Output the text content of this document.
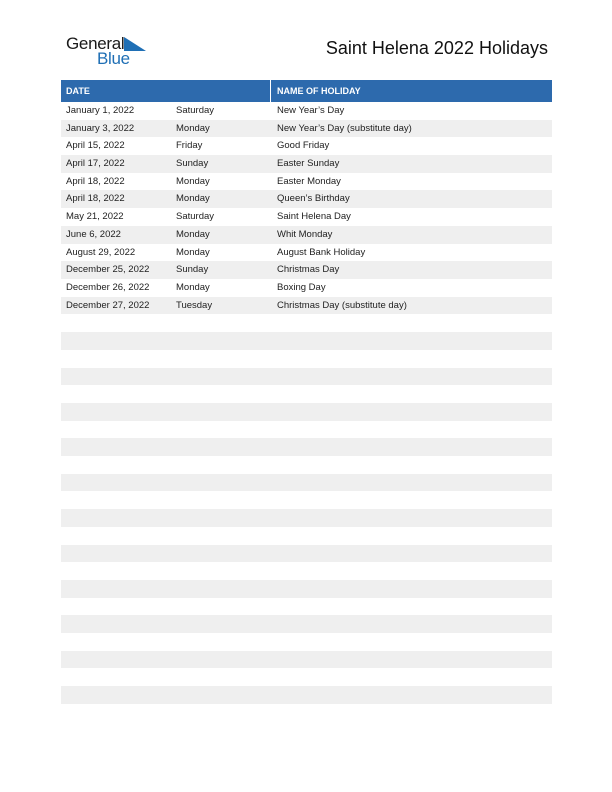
General
Blue
Saint Helena 2022 Holidays
DATE	NAME OF HOLIDAY
January 1, 2022	Saturday	New Year’s Day
January 3, 2022	Monday	New Year’s Day (substitute day)
April 15, 2022	Friday	Good Friday
April 17, 2022	Sunday	Easter Sunday
April 18, 2022	Monday	Easter Monday
April 18, 2022	Monday	Queen’s Birthday
May 21, 2022	Saturday	Saint Helena Day
June 6, 2022	Monday	Whit Monday
August 29, 2022	Monday	August Bank Holiday
December 25, 2022	Sunday	Christmas Day
December 26, 2022	Monday	Boxing Day
December 27, 2022	Tuesday	Christmas Day (substitute day)
